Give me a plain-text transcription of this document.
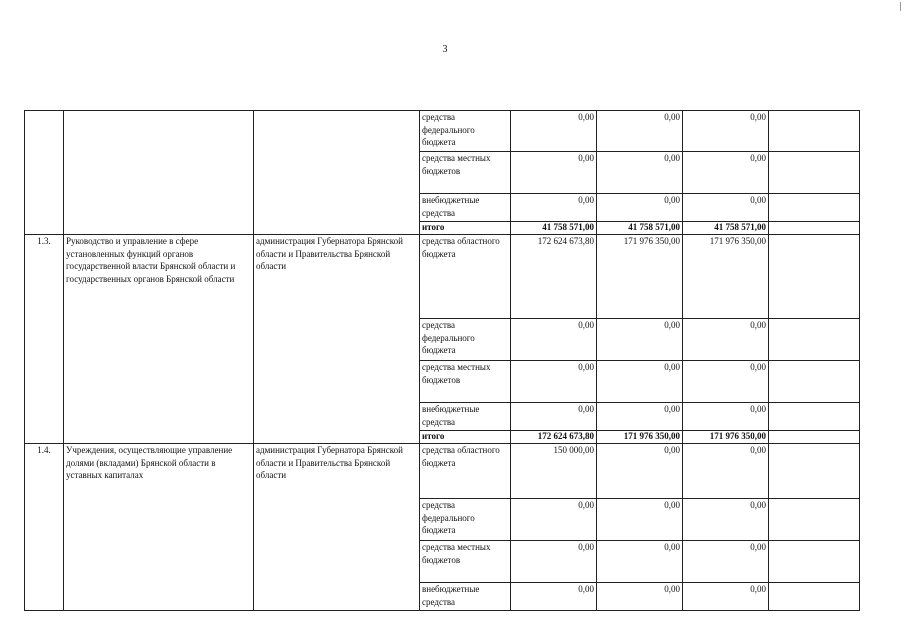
3
			средства федерального бюджета	0,00	0,00	0,00	
			средства местных бюджетов	0,00	0,00	0,00	
			внебюджетные средства	0,00	0,00	0,00	
			итого	41 758 571,00	41 758 571,00	41 758 571,00	
1.3.	Руководство и управление в сфере установленных функций органов государственной власти Брянской области и государственных органов Брянской области	администрация Губернатора Брянской области и Правительства Брянской области	средства областного бюджета	172 624 673,80	171 976 350,00	171 976 350,00	
			средства федерального бюджета	0,00	0,00	0,00	
			средства местных бюджетов	0,00	0,00	0,00	
			внебюджетные средства	0,00	0,00	0,00	
			итого	172 624 673,80	171 976 350,00	171 976 350,00	
1.4.	Учреждения, осуществляющие управление долями (вкладами) Брянской области в уставных капиталах	администрация Губернатора Брянской области и Правительства Брянской области	средства областного бюджета	150 000,00	0,00	0,00	
			средства федерального бюджета	0,00	0,00	0,00	
			средства местных бюджетов	0,00	0,00	0,00	
			внебюджетные средства	0,00	0,00	0,00	
